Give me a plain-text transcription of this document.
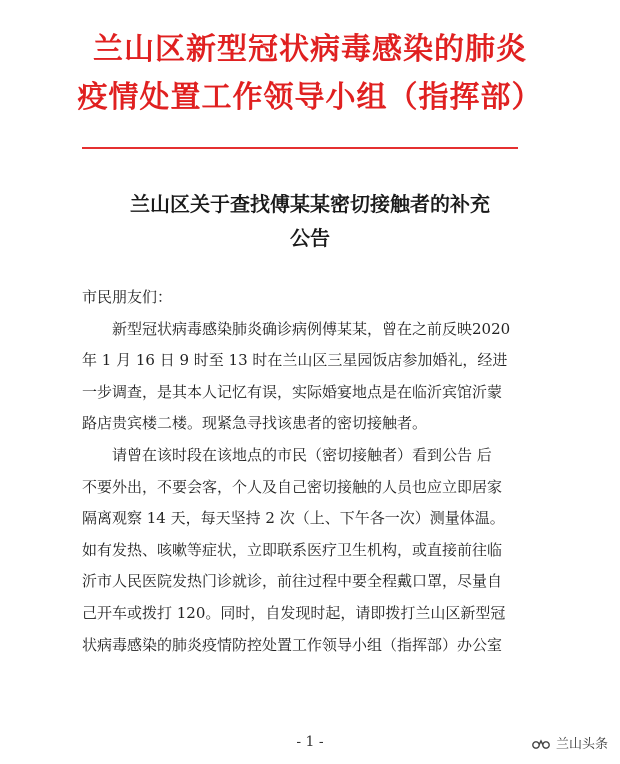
兰山区新型冠状病毒感染的肺炎
疫情处置工作领导小组（指挥部）
兰山区关于查找傅某某密切接触者的补充
公告
市民朋友们：
　　新型冠状病毒感染肺炎确诊病例傅某某，曾在之前反映2020
年 1 月 16 日 9 时至 13 时在兰山区三星园饭店参加婚礼，经进
一步调查，是其本人记忆有误，实际婚宴地点是在临沂宾馆沂蒙
路店贵宾楼二楼。现紧急寻找该患者的密切接触者。
　　请曾在该时段在该地点的市民（密切接触者）看到公告 后
不要外出，不要会客，个人及自己密切接触的人员也应立即居家
隔离观察 14 天，每天坚持 2 次（上、下午各一次）测量体温。
如有发热、咳嗽等症状，立即联系医疗卫生机构，或直接前往临
沂市人民医院发热门诊就诊，前往过程中要全程戴口罩，尽量自
己开车或拨打 120。同时，自发现时起，请即拨打兰山区新型冠
状病毒感染的肺炎疫情防控处置工作领导小组（指挥部）办公室
- 1 -	兰山头条
